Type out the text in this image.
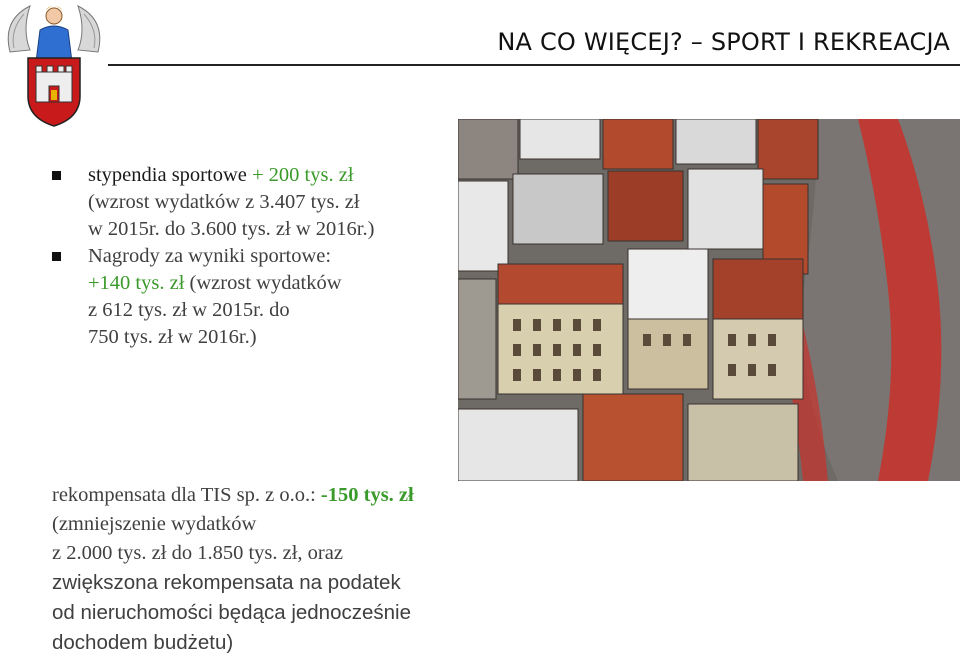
NA CO WIĘCEJ? – SPORT I REKREACJA
stypendia sportowe + 200 tys. zł
(wzrost wydatków z 3.407 tys. zł
w 2015r. do 3.600 tys. zł w 2016r.)
Nagrody za wyniki sportowe:
+140 tys. zł (wzrost wydatków
z 612 tys. zł w 2015r. do
750 tys. zł w 2016r.)

rekompensata dla TIS sp. z o.o.: -150 tys. zł (zmniejszenie wydatków
z 2.000 tys. zł do 1.850 tys. zł, oraz
zwiększona rekompensata na podatek
od nieruchomości będąca jednocześnie
dochodem budżetu)
